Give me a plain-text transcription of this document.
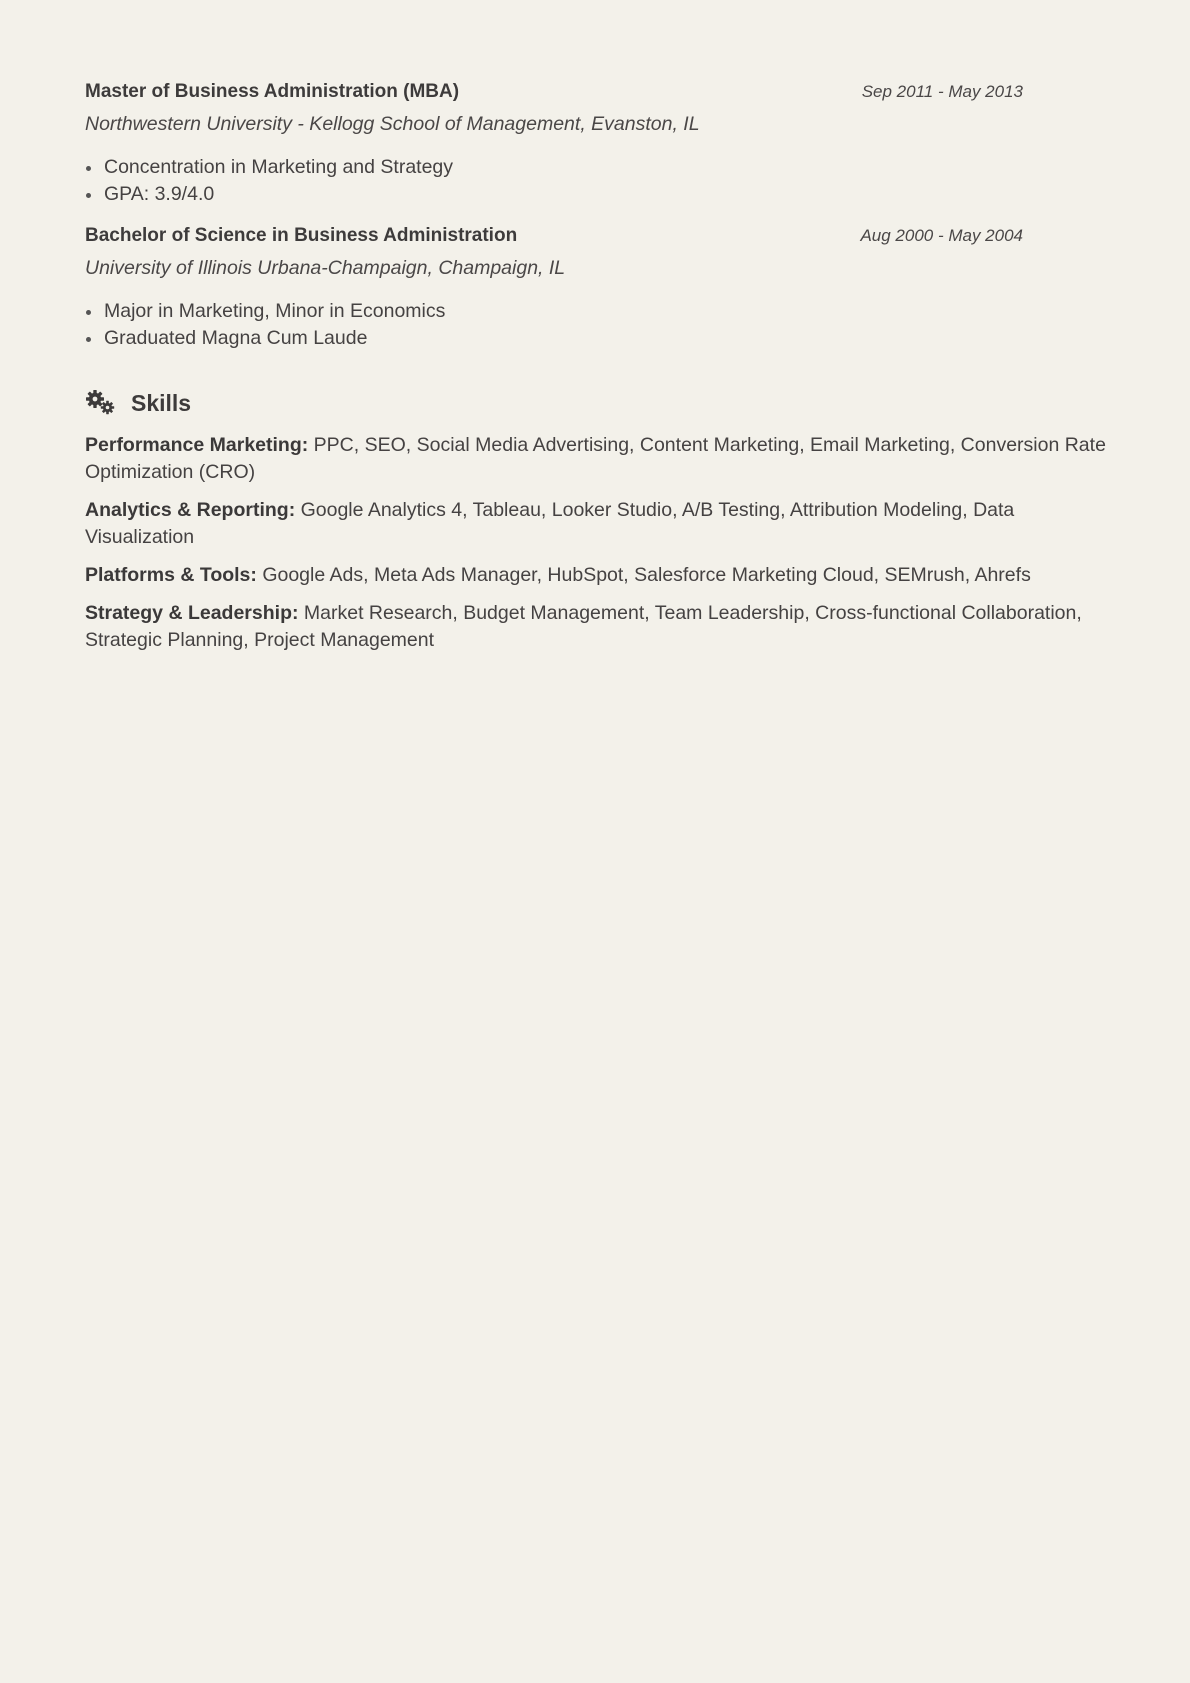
Master of Business Administration (MBA)	Sep 2011 - May 2013
Northwestern University - Kellogg School of Management, Evanston, IL
Concentration in Marketing and Strategy
GPA: 3.9/4.0
Bachelor of Science in Business Administration	Aug 2000 - May 2004
University of Illinois Urbana-Champaign, Champaign, IL
Major in Marketing, Minor in Economics
Graduated Magna Cum Laude
Skills
Performance Marketing: PPC, SEO, Social Media Advertising, Content Marketing, Email Marketing, Conversion Rate Optimization (CRO)
Analytics & Reporting: Google Analytics 4, Tableau, Looker Studio, A/B Testing, Attribution Modeling, Data Visualization
Platforms & Tools: Google Ads, Meta Ads Manager, HubSpot, Salesforce Marketing Cloud, SEMrush, Ahrefs
Strategy & Leadership: Market Research, Budget Management, Team Leadership, Cross-functional Collaboration, Strategic Planning, Project Management
